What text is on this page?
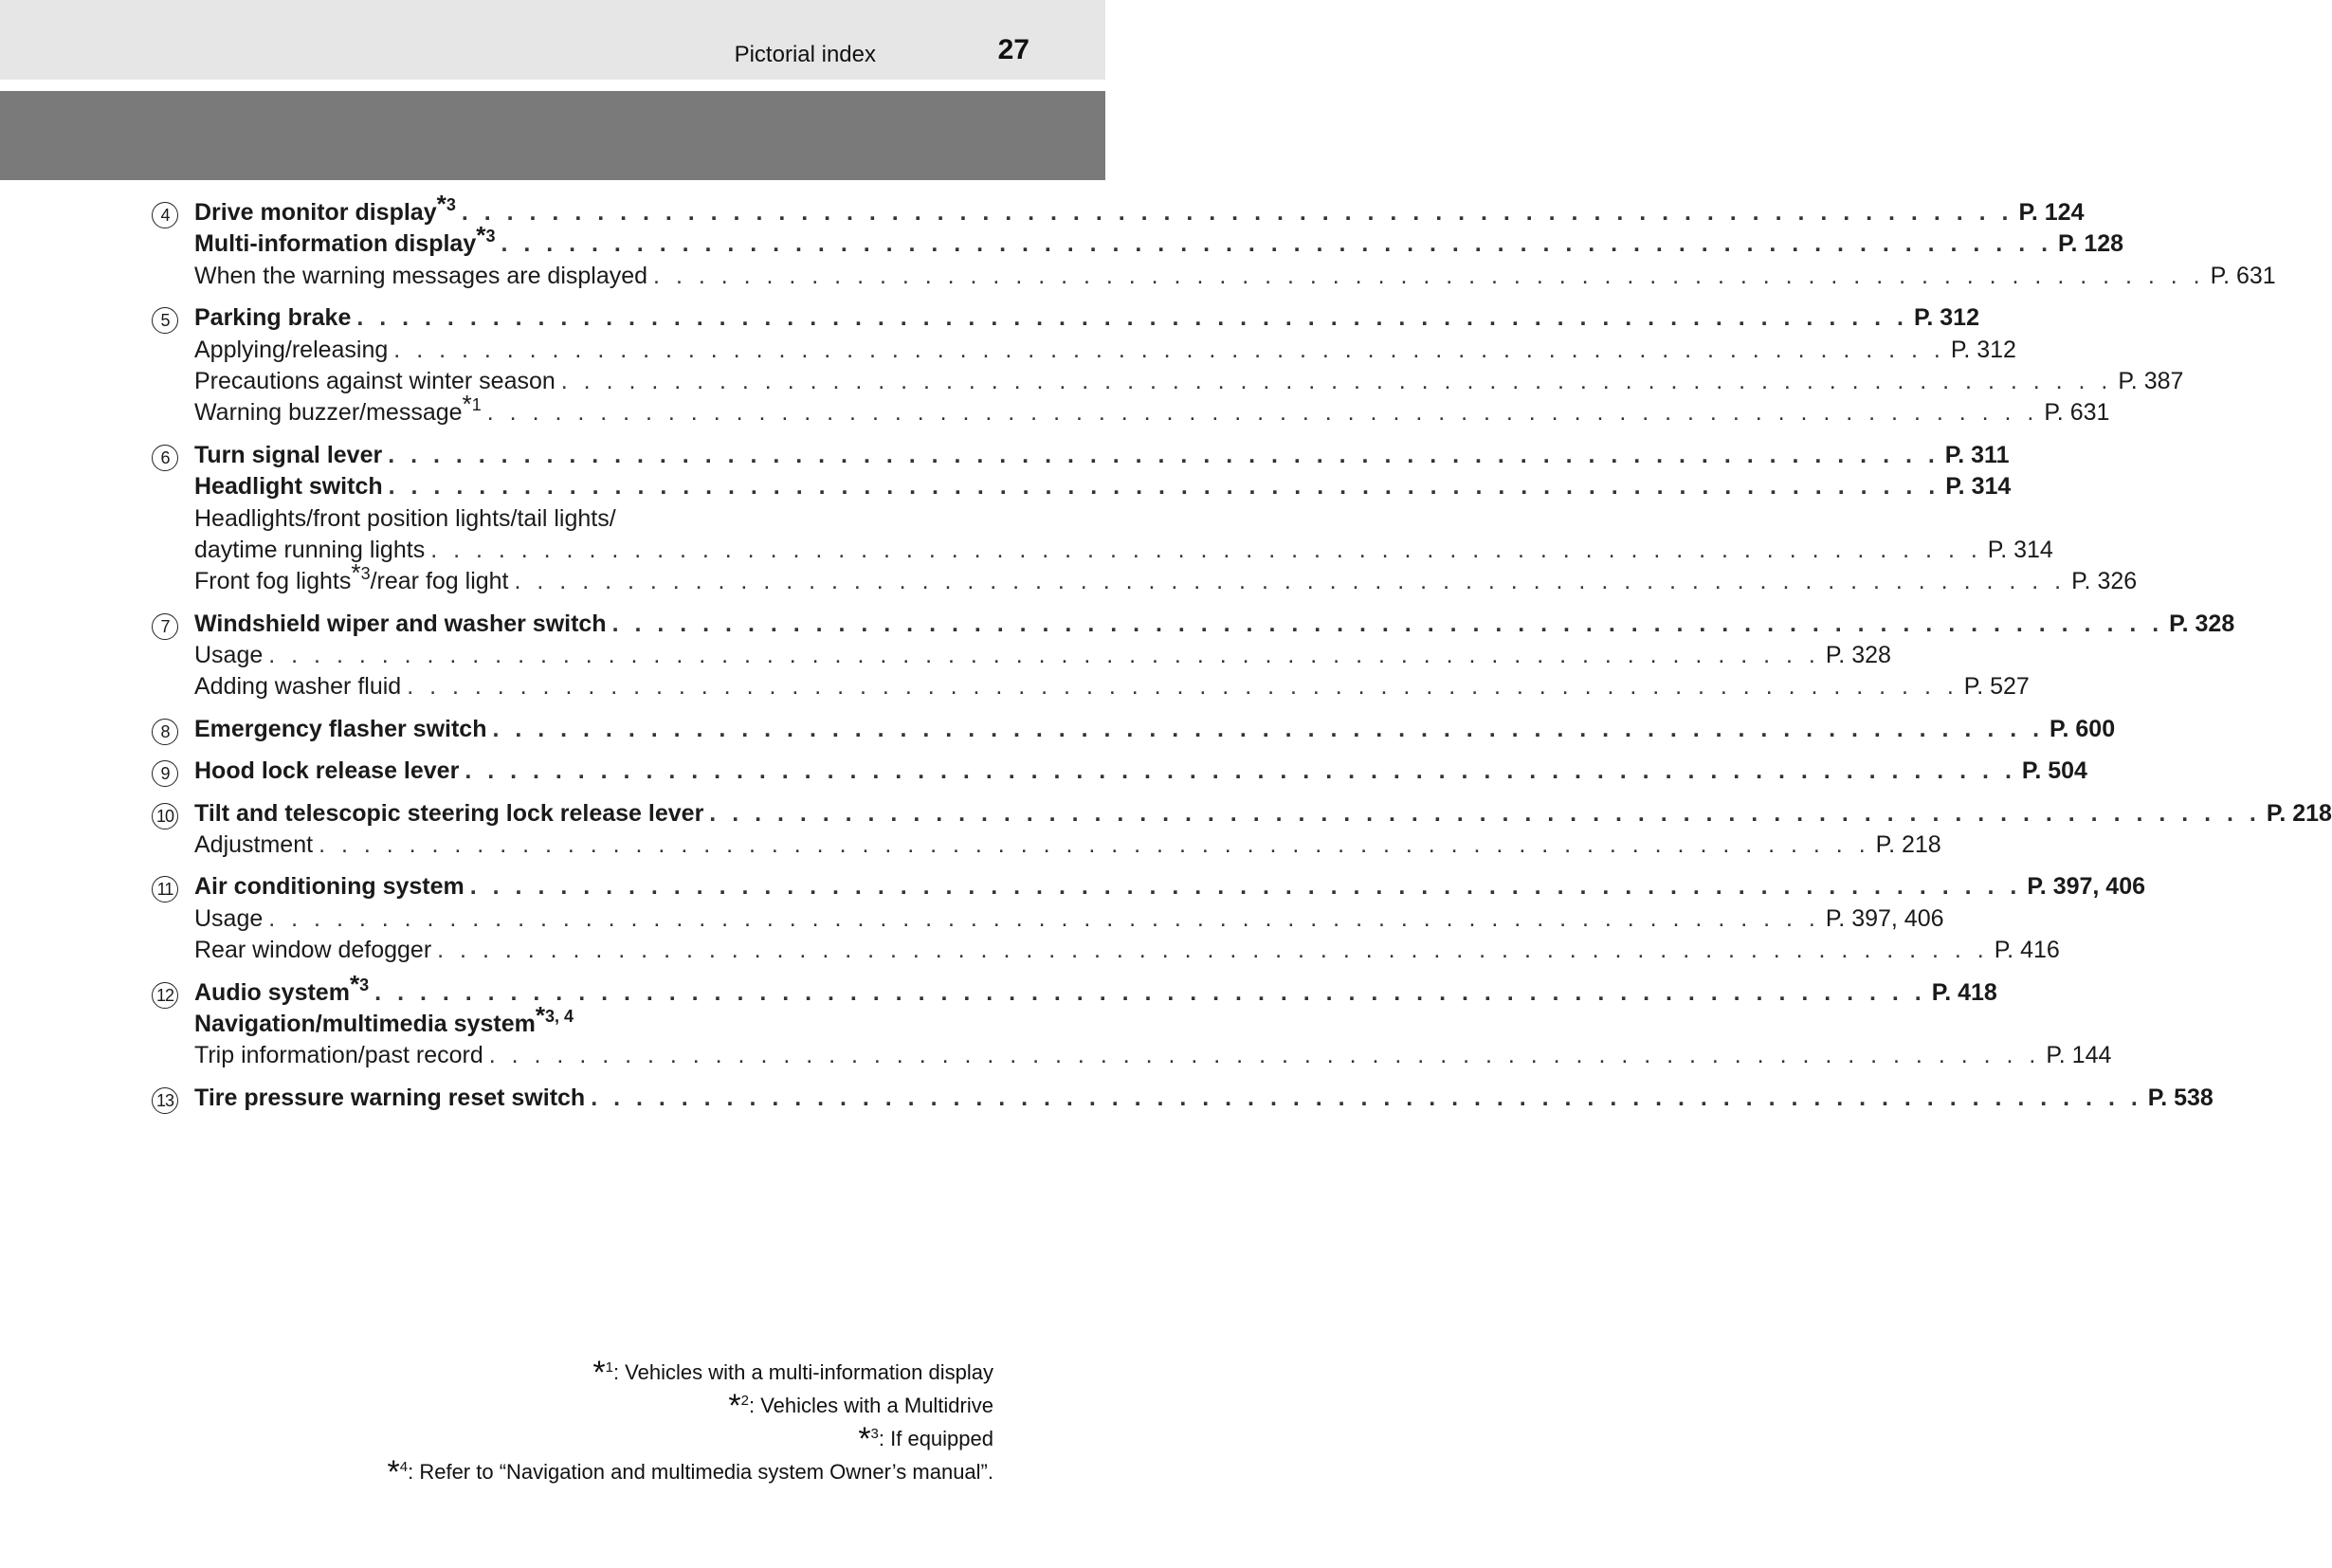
Pictorial index	27
4	Drive monitor display$^{*3}$ . . . . . . . . . . . . . . . . . . . . . . . . . . . . . . . . . . . . . . . . . . . . . . . . . . . . . . . . . . . . . . . . . . . . . P. 124
Multi-information display$^{*3}$ . . . . . . . . . . . . . . . . . . . . . . . . . . . . . . . . . . . . . . . . . . . . . . . . . . . . . . . . . . . . . . . . . . . . . P. 128
When the warning messages are displayed . . . . . . . . . . . . . . . . . . . . . . . . . . . . . . . . . . . . . . . . . . . . . . . . . . . . . . . . . . . . . . . . . . . . . P. 631
5	Parking brake . . . . . . . . . . . . . . . . . . . . . . . . . . . . . . . . . . . . . . . . . . . . . . . . . . . . . . . . . . . . . . . . . . . . . P. 312
Applying/releasing . . . . . . . . . . . . . . . . . . . . . . . . . . . . . . . . . . . . . . . . . . . . . . . . . . . . . . . . . . . . . . . . . . . . . P. 312
Precautions against winter season . . . . . . . . . . . . . . . . . . . . . . . . . . . . . . . . . . . . . . . . . . . . . . . . . . . . . . . . . . . . . . . . . . . . . P. 387
Warning buzzer/message$^{*1}$ . . . . . . . . . . . . . . . . . . . . . . . . . . . . . . . . . . . . . . . . . . . . . . . . . . . . . . . . . . . . . . . . . . . . . P. 631
6	Turn signal lever . . . . . . . . . . . . . . . . . . . . . . . . . . . . . . . . . . . . . . . . . . . . . . . . . . . . . . . . . . . . . . . . . . . . . P. 311
Headlight switch . . . . . . . . . . . . . . . . . . . . . . . . . . . . . . . . . . . . . . . . . . . . . . . . . . . . . . . . . . . . . . . . . . . . . P. 314
Headlights/front position lights/tail lights/
daytime running lights . . . . . . . . . . . . . . . . . . . . . . . . . . . . . . . . . . . . . . . . . . . . . . . . . . . . . . . . . . . . . . . . . . . . . P. 314
Front fog lights$^{*3}$/rear fog light . . . . . . . . . . . . . . . . . . . . . . . . . . . . . . . . . . . . . . . . . . . . . . . . . . . . . . . . . . . . . . . . . . . . . P. 326
7	Windshield wiper and washer switch . . . . . . . . . . . . . . . . . . . . . . . . . . . . . . . . . . . . . . . . . . . . . . . . . . . . . . . . . . . . . . . . . . . . . P. 328
Usage . . . . . . . . . . . . . . . . . . . . . . . . . . . . . . . . . . . . . . . . . . . . . . . . . . . . . . . . . . . . . . . . . . . . . P. 328
Adding washer fluid . . . . . . . . . . . . . . . . . . . . . . . . . . . . . . . . . . . . . . . . . . . . . . . . . . . . . . . . . . . . . . . . . . . . . P. 527
8	Emergency flasher switch . . . . . . . . . . . . . . . . . . . . . . . . . . . . . . . . . . . . . . . . . . . . . . . . . . . . . . . . . . . . . . . . . . . . . P. 600
9	Hood lock release lever . . . . . . . . . . . . . . . . . . . . . . . . . . . . . . . . . . . . . . . . . . . . . . . . . . . . . . . . . . . . . . . . . . . . . P. 504
10 Tilt and telescopic steering lock release lever . . . . . . . . . . . . . . . . . . . . . . . . . . . . . . . . . . . . . . . . . . . . . . . . . . . . . . . . . . . . . . . . . . . . . P. 218
Adjustment . . . . . . . . . . . . . . . . . . . . . . . . . . . . . . . . . . . . . . . . . . . . . . . . . . . . . . . . . . . . . . . . . . . . . P. 218
11 Air conditioning system . . . . . . . . . . . . . . . . . . . . . . . . . . . . . . . . . . . . . . . . . . . . . . . . . . . . . . . . . . . . . . . . . . . . . P. 397, 406
Usage . . . . . . . . . . . . . . . . . . . . . . . . . . . . . . . . . . . . . . . . . . . . . . . . . . . . . . . . . . . . . . . . . . . . . P. 397, 406
Rear window defogger . . . . . . . . . . . . . . . . . . . . . . . . . . . . . . . . . . . . . . . . . . . . . . . . . . . . . . . . . . . . . . . . . . . . . P. 416
12 Audio system$^{*3}$ . . . . . . . . . . . . . . . . . . . . . . . . . . . . . . . . . . . . . . . . . . . . . . . . . . . . . . . . . . . . . . . . . . . . . P. 418
Navigation/multimedia system$^{*3, 4}$
Trip information/past record . . . . . . . . . . . . . . . . . . . . . . . . . . . . . . . . . . . . . . . . . . . . . . . . . . . . . . . . . . . . . . . . . . . . . P. 144
13 Tire pressure warning reset switch . . . . . . . . . . . . . . . . . . . . . . . . . . . . . . . . . . . . . . . . . . . . . . . . . . . . . . . . . . . . . . . . . . . . . P. 538
*$^1$: Vehicles with a multi-information display
*$^2$: Vehicles with a Multidrive
*$^3$: If equipped
*$^4$: Refer to “Navigation and multimedia system Owner’s manual”.
